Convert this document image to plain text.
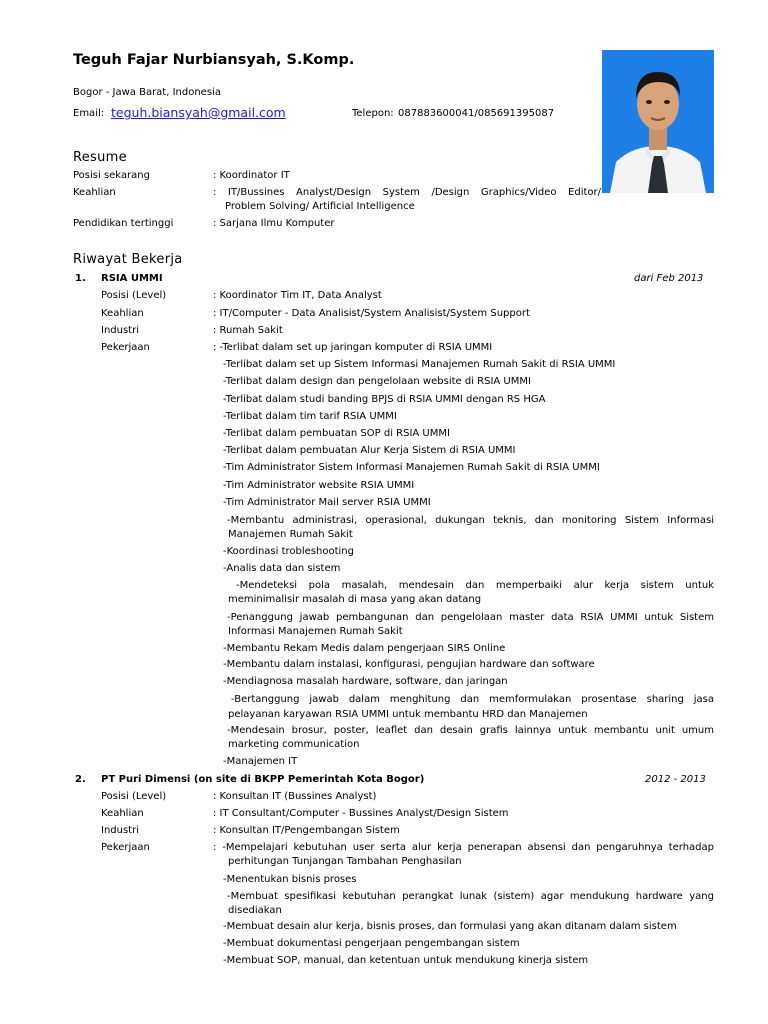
Teguh Fajar Nurbiansyah, S.Komp.
Bogor - Jawa Barat, Indonesia
Email: teguh.biansyah@gmail.com	Telepon: 087883600041/085691395087
Resume
Posisi sekarang	: Koordinator IT
Keahlian	: IT/Bussines Analyst/Design System /Design Graphics/Video Editor/
Problem Solving/ Artificial Intelligence
Pendidikan tertinggi	: Sarjana Ilmu Komputer
Riwayat Bekerja
1. RSIA UMMI	dari Feb 2013
Posisi (Level)	: Koordinator Tim IT, Data Analyst
Keahlian	: IT/Computer - Data Analisist/System Analisist/System Support
Industri	: Rumah Sakit
Pekerjaan	: -Terlibat dalam set up jaringan komputer di RSIA UMMI
-Terlibat dalam set up Sistem Informasi Manajemen Rumah Sakit di RSIA UMMI
-Terlibat dalam design dan pengelolaan website di RSIA UMMI
-Terlibat dalam studi banding BPJS di RSIA UMMI dengan RS HGA
-Terlibat dalam tim tarif RSIA UMMI
-Terlibat dalam pembuatan SOP di RSIA UMMI
-Terlibat dalam pembuatan Alur Kerja Sistem di RSIA UMMI
-Tim Administrator Sistem Informasi Manajemen Rumah Sakit di RSIA UMMI
-Tim Administrator website RSIA UMMI
-Tim Administrator Mail server RSIA UMMI
-Membantu administrasi, operasional, dukungan teknis, dan monitoring Sistem Informasi
Manajemen Rumah Sakit
-Koordinasi trobleshooting
-Analis data dan sistem
-Mendeteksi pola masalah, mendesain dan memperbaiki alur kerja sistem untuk
meminimalisir masalah di masa yang akan datang
-Penanggung jawab pembangunan dan pengelolaan master data RSIA UMMI untuk Sistem
Informasi Manajemen Rumah Sakit
-Membantu Rekam Medis dalam pengerjaan SIRS Online
-Membantu dalam instalasi, konfigurasi, pengujian hardware dan software
-Mendiagnosa masalah hardware, software, dan jaringan
-Bertanggung jawab dalam menghitung dan memformulakan prosentase sharing jasa
pelayanan karyawan RSIA UMMI untuk membantu HRD dan Manajemen
-Mendesain brosur, poster, leaflet dan desain grafis lainnya untuk membantu unit umum
marketing communication
-Manajemen IT
2. PT Puri Dimensi (on site di BKPP Pemerintah Kota Bogor)	2012 - 2013
Posisi (Level)	: Konsultan IT (Bussines Analyst)
Keahlian	: IT Consultant/Computer - Bussines Analyst/Design Sistem
Industri	: Konsultan IT/Pengembangan Sistem
Pekerjaan	: -Mempelajari kebutuhan user serta alur kerja penerapan absensi dan pengaruhnya terhadap
perhitungan Tunjangan Tambahan Penghasilan
-Menentukan bisnis proses
-Membuat spesifikasi kebutuhan perangkat lunak (sistem) agar mendukung hardware yang
disediakan
-Membuat desain alur kerja, bisnis proses, dan formulasi yang akan ditanam dalam sistem
-Membuat dokumentasi pengerjaan pengembangan sistem
-Membuat SOP, manual, dan ketentuan untuk mendukung kinerja sistem
